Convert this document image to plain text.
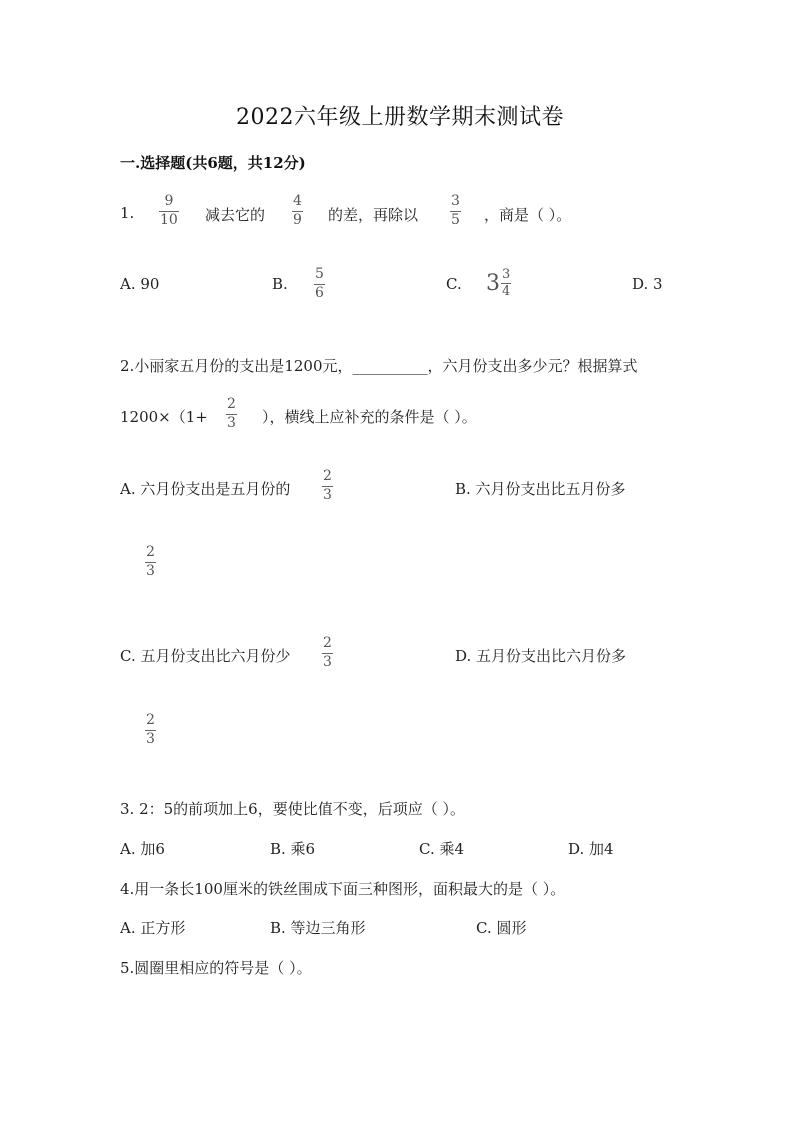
2022六年级上册数学期末测试卷
一.选择题(共6题，共12分)
1.
9
10 减去它的
4
9 的差，再除以
3
5 ，商是（ ）。
A. 90	B.
5
6	C. $3 \frac{3}{4}$	D. 3
2.小丽家五月份的支出是1200元，__________，六月份支出多少元？根据算式
1200×（1+
2
3 ），横线上应补充的条件是（ ）。
A. 六月份支出是五月份的
2
3	B. 六月份支出比五月份多
2
3
C. 五月份支出比六月份少
2
3	D. 五月份支出比六月份多
2
3
3. 2：5的前项加上6，要使比值不变，后项应（ ）。
A. 加6	B. 乘6	C. 乘4	D. 加4
4.用一条长100厘米的铁丝围成下面三种图形，面积最大的是（ ）。
A. 正方形	B. 等边三角形	C. 圆形
5.圆圈里相应的符号是（ ）。
